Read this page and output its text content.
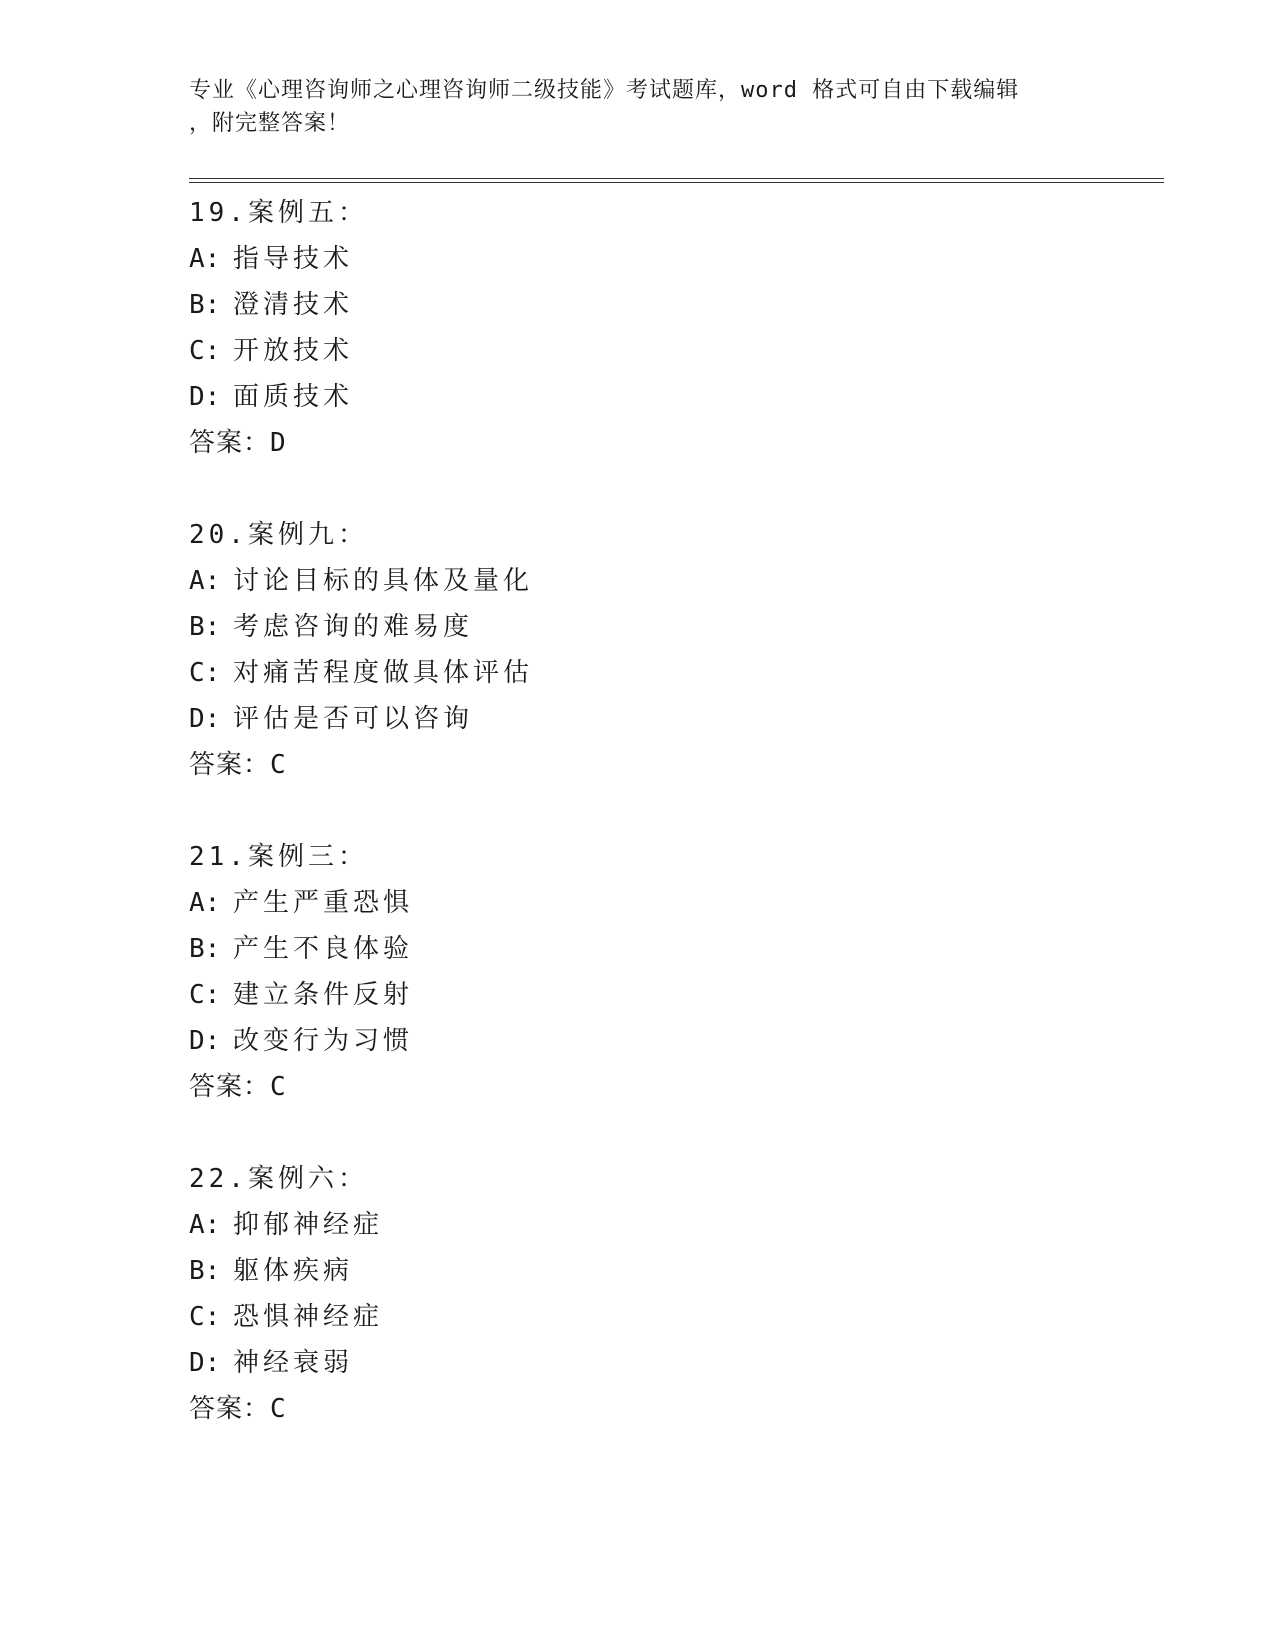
专业《心理咨询师之心理咨询师二级技能》考试题库，word 格式可自由下载编辑
，附完整答案！
19.案例五：
A: 指导技术
B: 澄清技术
C: 开放技术
D: 面质技术
答案：D
20.案例九：
A: 讨论目标的具体及量化
B: 考虑咨询的难易度
C: 对痛苦程度做具体评估
D: 评估是否可以咨询
答案：C
21.案例三：
A: 产生严重恐惧
B: 产生不良体验
C: 建立条件反射
D: 改变行为习惯
答案：C
22.案例六：
A: 抑郁神经症
B: 躯体疾病
C: 恐惧神经症
D: 神经衰弱
答案：C
